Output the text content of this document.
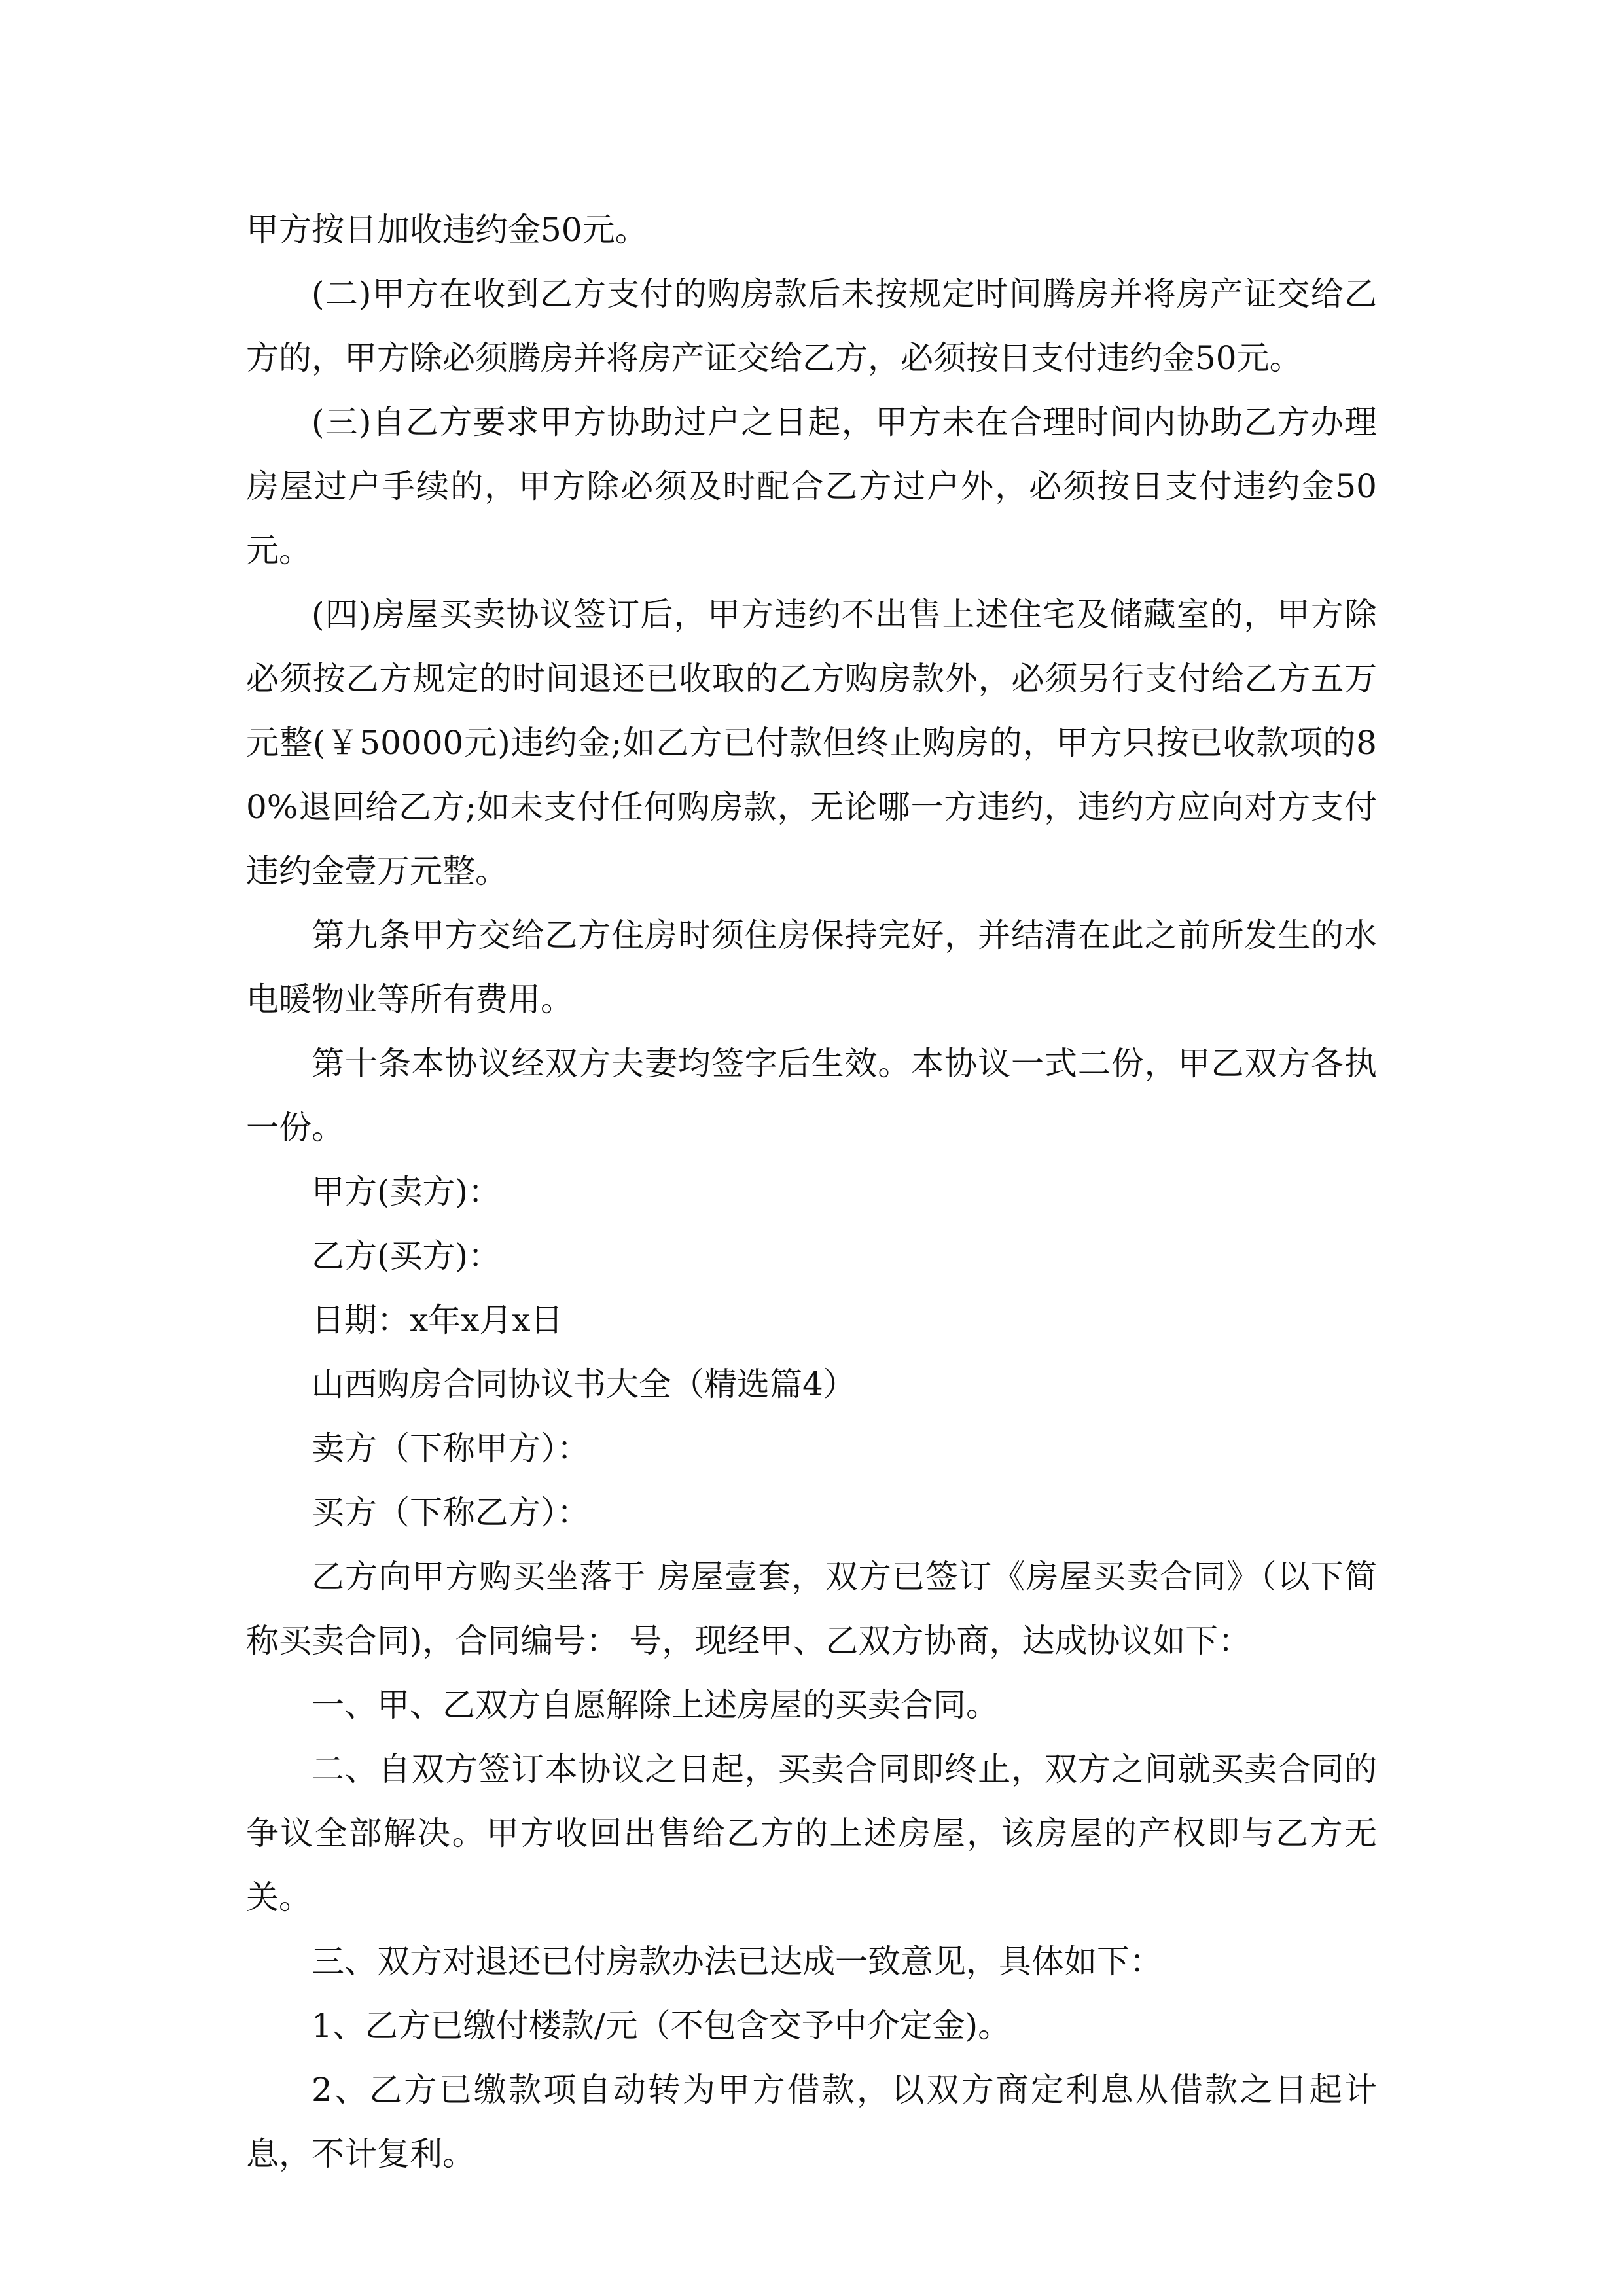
甲方按日加收违约金50元。

(二)甲方在收到乙方支付的购房款后未按规定时间腾房并将房产证交给乙方的，甲方除必须腾房并将房产证交给乙方，必须按日支付违约金50元。

(三)自乙方要求甲方协助过户之日起，甲方未在合理时间内协助乙方办理房屋过户手续的，甲方除必须及时配合乙方过户外，必须按日支付违约金50元。

(四)房屋买卖协议签订后，甲方违约不出售上述住宅及储藏室的，甲方除必须按乙方规定的时间退还已收取的乙方购房款外，必须另行支付给乙方五万元整(￥50000元)违约金;如乙方已付款但终止购房的，甲方只按已收款项的80%退回给乙方;如未支付任何购房款，无论哪一方违约，违约方应向对方支付违约金壹万元整。

第九条甲方交给乙方住房时须住房保持完好，并结清在此之前所发生的水电暖物业等所有费用。

第十条本协议经双方夫妻均签字后生效。本协议一式二份，甲乙双方各执一份。

甲方(卖方)：

乙方(买方)：

日期：x年x月x日

山西购房合同协议书大全（精选篇4）

卖方（下称甲方）：

买方（下称乙方）：

乙方向甲方购买坐落于 房屋壹套，双方已签订《房屋买卖合同》（以下简称买卖合同)，合同编号： 号，现经甲、乙双方协商，达成协议如下：

一、甲、乙双方自愿解除上述房屋的买卖合同。

二、自双方签订本协议之日起，买卖合同即终止，双方之间就买卖合同的争议全部解决。甲方收回出售给乙方的上述房屋，该房屋的产权即与乙方无关。

三、双方对退还已付房款办法已达成一致意见，具体如下：

1、乙方已缴付楼款/元（不包含交予中介定金)。

2、乙方已缴款项自动转为甲方借款，以双方商定利息从借款之日起计息，不计复利。
